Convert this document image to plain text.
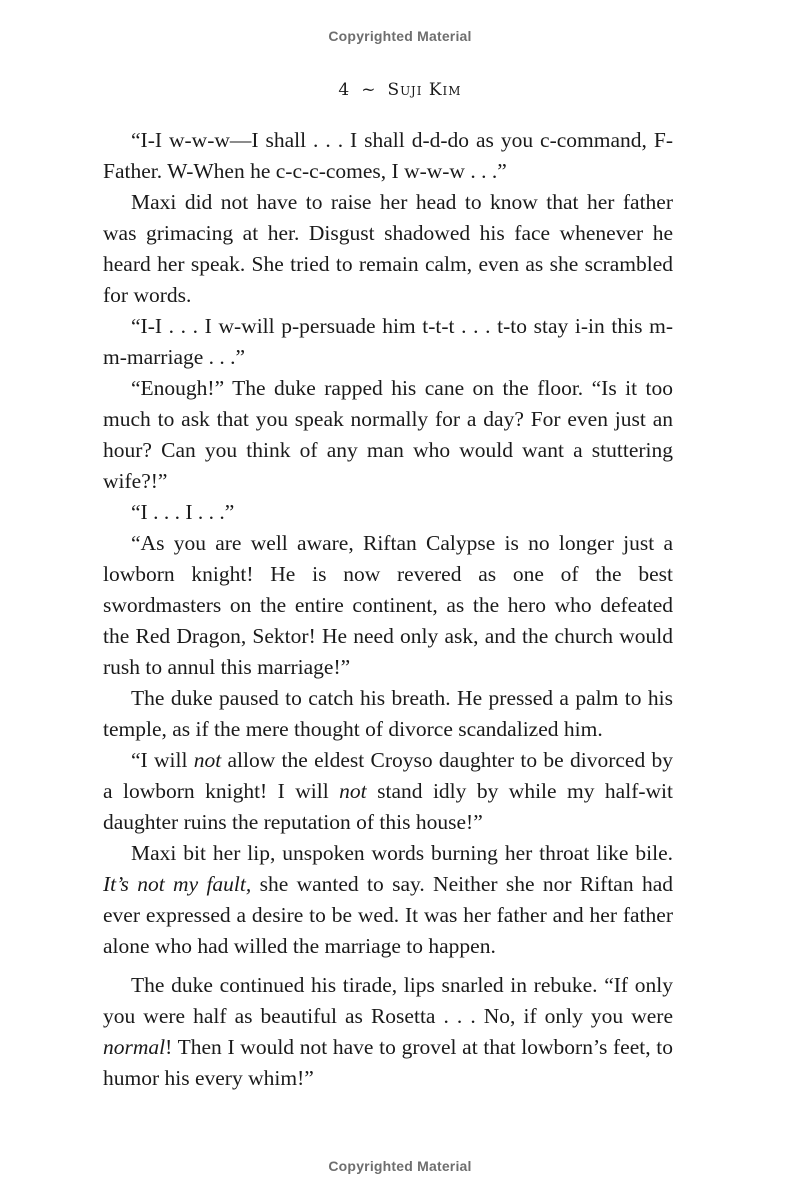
Copyrighted Material
4 ~ Suji Kim

“I-I w-w-w—I shall . . . I shall d-d-do as you c-command, F-Father. W-When he c-c-c-comes, I w-w-w . . .”

Maxi did not have to raise her head to know that her father was grimacing at her. Disgust shadowed his face whenever he heard her speak. She tried to remain calm, even as she scrambled for words.

“I-I . . . I w-will p-persuade him t-t-t . . . t-to stay i-in this m-m-marriage . . .”

“Enough!” The duke rapped his cane on the floor. “Is it too much to ask that you speak normally for a day? For even just an hour? Can you think of any man who would want a stuttering wife?!”

“I . . . I . . .”

“As you are well aware, Riftan Calypse is no longer just a lowborn knight! He is now revered as one of the best swordmasters on the entire continent, as the hero who defeated the Red Dragon, Sektor! He need only ask, and the church would rush to annul this marriage!”

The duke paused to catch his breath. He pressed a palm to his temple, as if the mere thought of divorce scandalized him.

“I will not allow the eldest Croyso daughter to be divorced by a lowborn knight! I will not stand idly by while my half-wit daughter ruins the reputation of this house!”

Maxi bit her lip, unspoken words burning her throat like bile. It’s not my fault, she wanted to say. Neither she nor Riftan had ever expressed a desire to be wed. It was her father and her father alone who had willed the marriage to happen.

The duke continued his tirade, lips snarled in rebuke. “If only you were half as beautiful as Rosetta . . . No, if only you were normal! Then I would not have to grovel at that lowborn’s feet, to humor his every whim!”

Copyrighted Material
